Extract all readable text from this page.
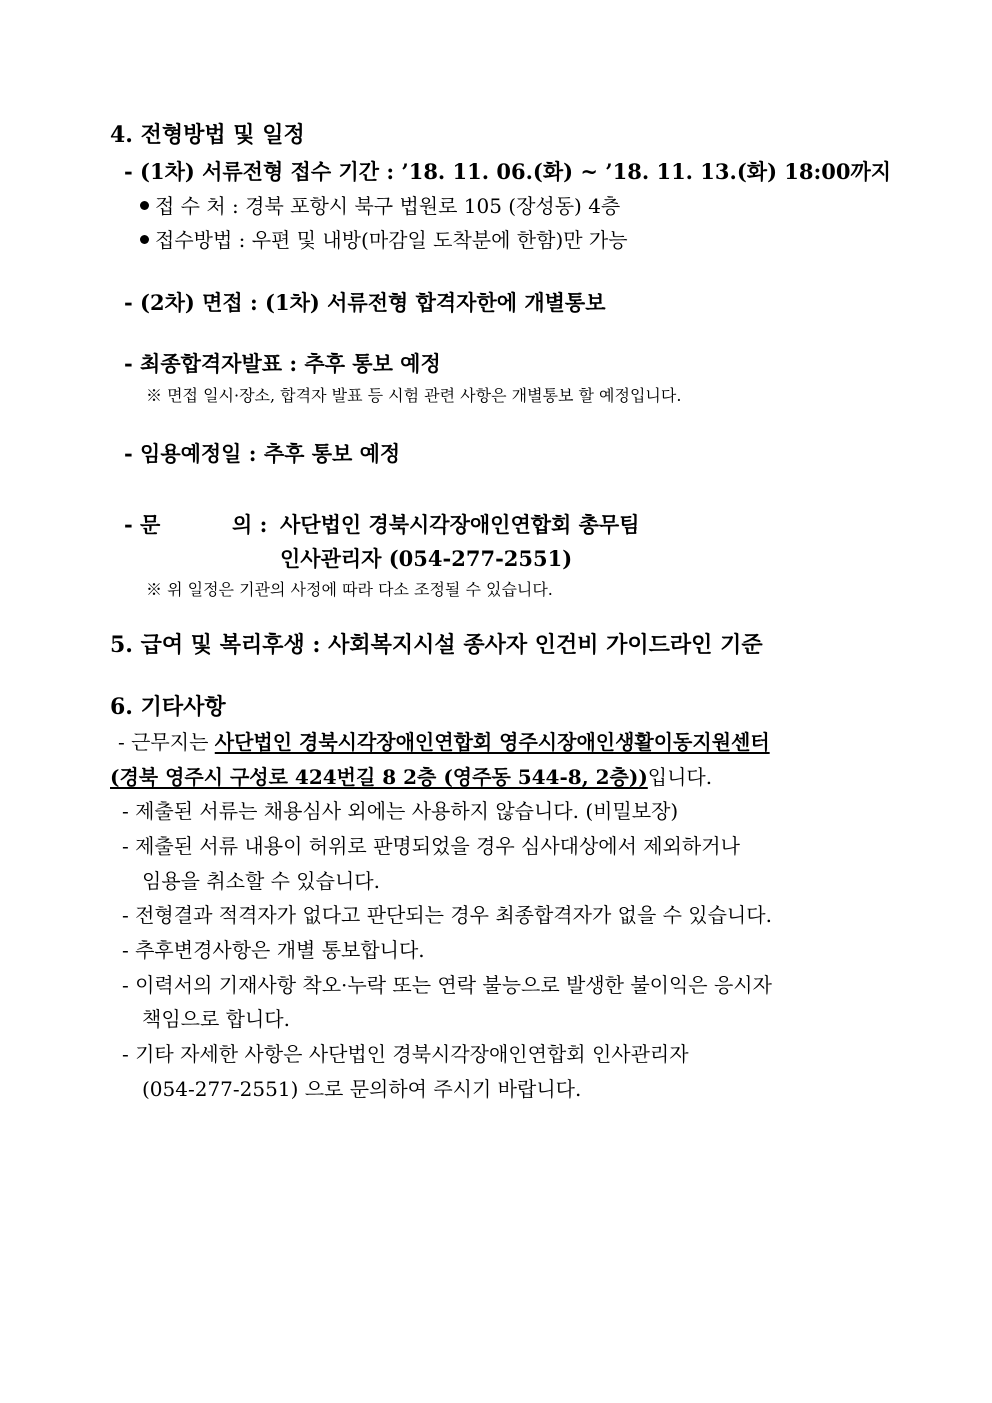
4. 전형방법 및 일정
- (1차) 서류전형 접수 기간 : ’18. 11. 06.(화) ~ ’18. 11. 13.(화) 18:00까지
접 수 처 : 경북 포항시 북구 법원로 105 (장성동) 4층
접수방법 : 우편 및 내방(마감일 도착분에 한함)만 가능
- (2차) 면접 : (1차) 서류전형 합격자한에 개별통보
- 최종합격자발표 : 추후 통보 예정
※ 면접 일시·장소, 합격자 발표 등 시험 관련 사항은 개별통보 할 예정입니다.
- 임용예정일 : 추후 통보 예정
- 문	의 : 사단법인 경북시각장애인연합회 총무팀
인사관리자 (054-277-2551)
※ 위 일정은 기관의 사정에 따라 다소 조정될 수 있습니다.
5. 급여 및 복리후생 : 사회복지시설 종사자 인건비 가이드라인 기준
6. 기타사항
- 근무지는 사단법인 경북시각장애인연합회 영주시장애인생활이동지원센터
(경북 영주시 구성로 424번길 8 2층 (영주동 544-8, 2층))입니다.
- 제출된 서류는 채용심사 외에는 사용하지 않습니다. (비밀보장)
- 제출된 서류 내용이 허위로 판명되었을 경우 심사대상에서 제외하거나
임용을 취소할 수 있습니다.
- 전형결과 적격자가 없다고 판단되는 경우 최종합격자가 없을 수 있습니다.
- 추후변경사항은 개별 통보합니다.
- 이력서의 기재사항 착오·누락 또는 연락 불능으로 발생한 불이익은 응시자
책임으로 합니다.
- 기타 자세한 사항은 사단법인 경북시각장애인연합회 인사관리자
(054-277-2551) 으로 문의하여 주시기 바랍니다.
